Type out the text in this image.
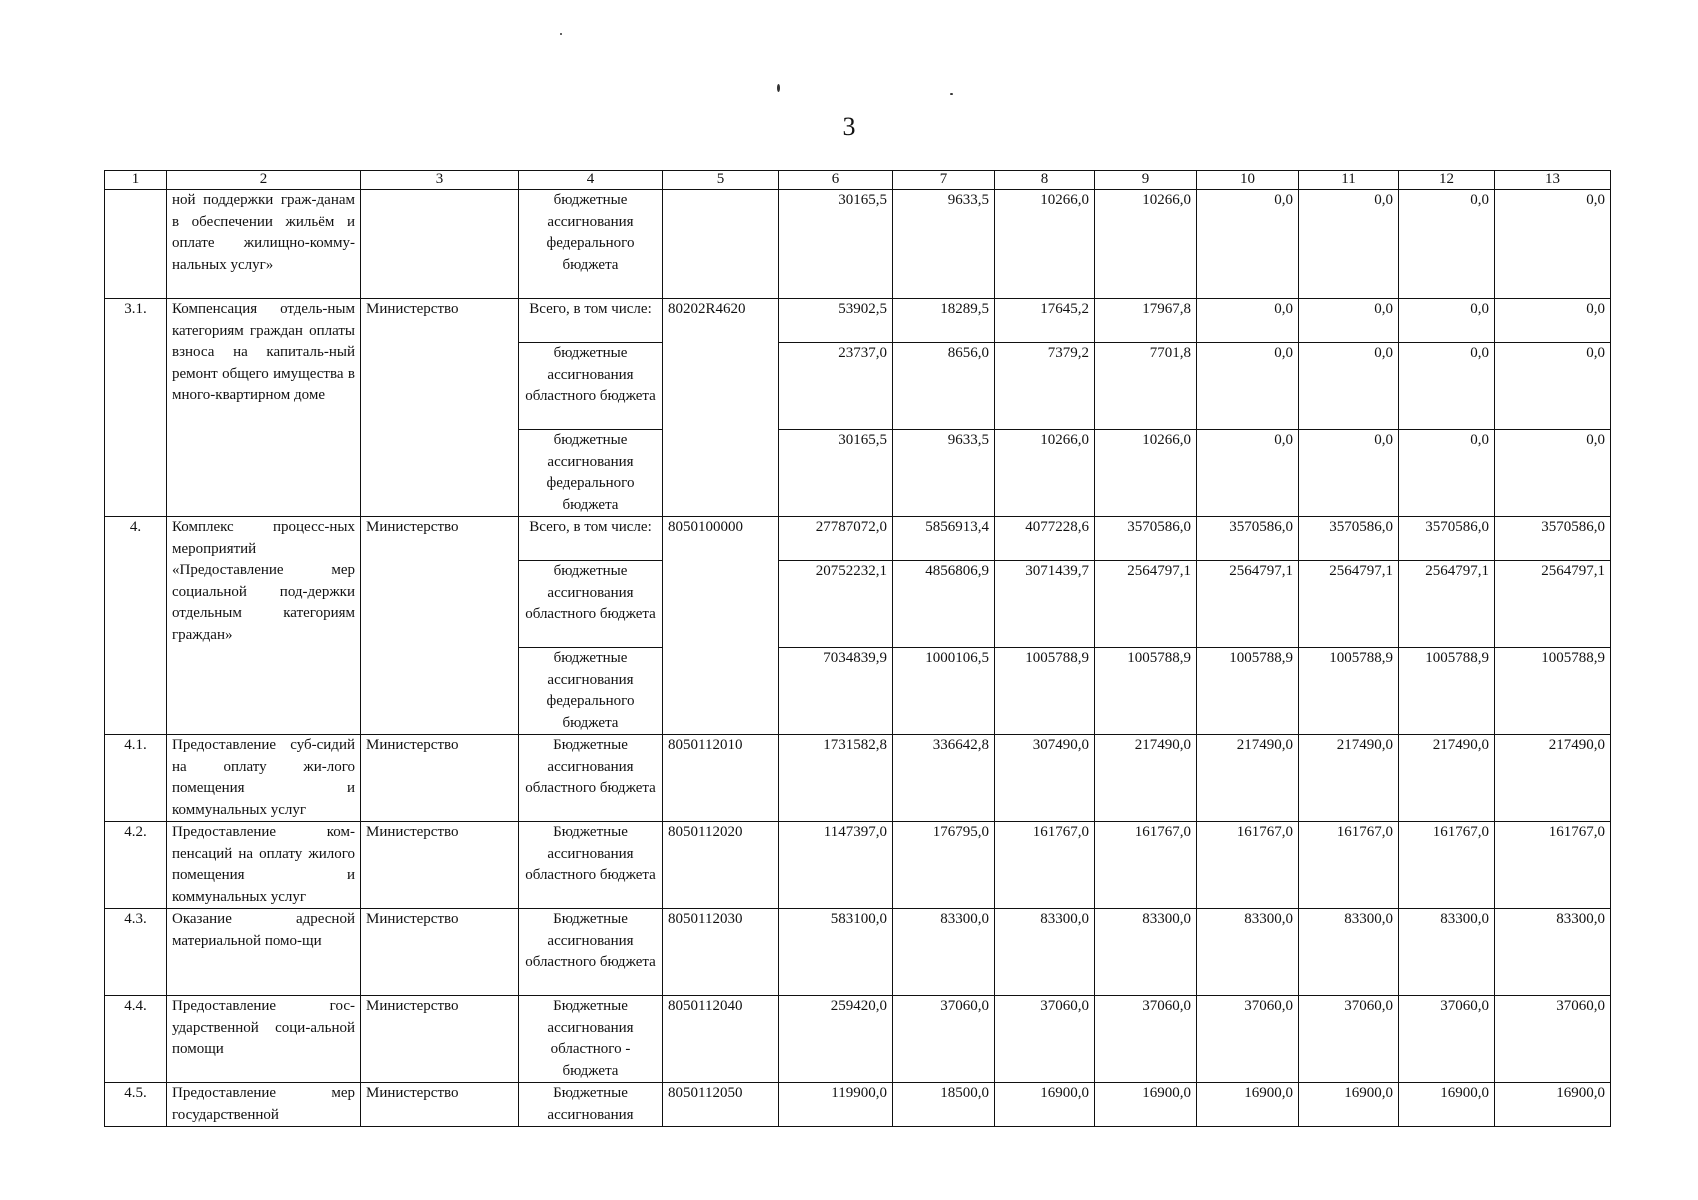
3
1	2	3	4	5	6	7	8	9	10	11	12	13
	ной поддержки граж-данам в обеспечении жильём и оплате жилищно-комму-нальных услуг»		бюджетные ассигнования федерального бюджета		30165,5	9633,5	10266,0	10266,0	0,0	0,0	0,0	0,0
3.1.	Компенсация отдель-ным категориям граждан оплаты взноса на капиталь-ный ремонт общего имущества в много-квартирном доме	Министерство	Всего, в том числе:	80202R4620	53902,5	18289,5	17645,2	17967,8	0,0	0,0	0,0	0,0
			бюджетные ассигнования областного бюджета		23737,0	8656,0	7379,2	7701,8	0,0	0,0	0,0	0,0
			бюджетные ассигнования федерального бюджета		30165,5	9633,5	10266,0	10266,0	0,0	0,0	0,0	0,0
4.	Комплекс процесс-ных мероприятий «Предоставление мер социальной под-держки отдельным категориям граждан»	Министерство	Всего, в том числе:	8050100000	27787072,0	5856913,4	4077228,6	3570586,0	3570586,0	3570586,0	3570586,0	3570586,0
			бюджетные ассигнования областного бюджета		20752232,1	4856806,9	3071439,7	2564797,1	2564797,1	2564797,1	2564797,1	2564797,1
			бюджетные ассигнования федерального бюджета		7034839,9	1000106,5	1005788,9	1005788,9	1005788,9	1005788,9	1005788,9	1005788,9
4.1.	Предоставление суб-сидий на оплату жи-лого помещения и коммунальных услуг	Министерство	Бюджетные ассигнования областного бюджета	8050112010	1731582,8	336642,8	307490,0	217490,0	217490,0	217490,0	217490,0	217490,0
4.2.	Предоставление ком-пенсаций на оплату жилого помещения и коммунальных услуг	Министерство	Бюджетные ассигнования областного бюджета	8050112020	1147397,0	176795,0	161767,0	161767,0	161767,0	161767,0	161767,0	161767,0
4.3.	Оказание адресной материальной помо-щи	Министерство	Бюджетные ассигнования областного бюджета	8050112030	583100,0	83300,0	83300,0	83300,0	83300,0	83300,0	83300,0	83300,0
4.4.	Предоставление гос-ударственной соци-альной помощи	Министерство	Бюджетные ассигнования областного - бюджета	8050112040	259420,0	37060,0	37060,0	37060,0	37060,0	37060,0	37060,0	37060,0
4.5.	Предоставление мер государственной	Министерство	Бюджетные ассигнования	8050112050	119900,0	18500,0	16900,0	16900,0	16900,0	16900,0	16900,0	16900,0
